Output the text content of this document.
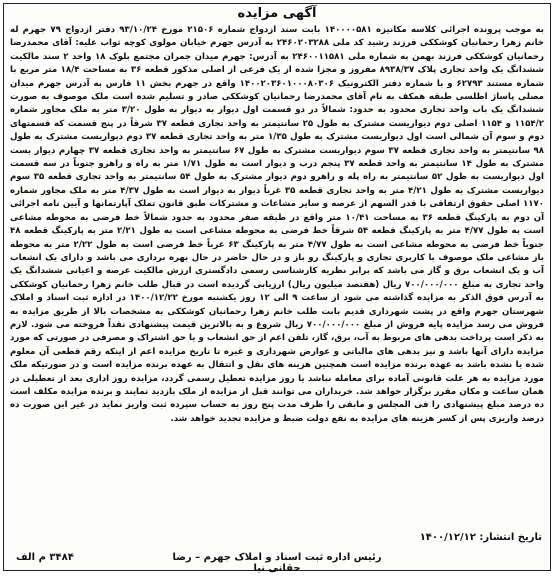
آگهی مزایده
به موجب پرونده اجرائی کلاسه مکانیزه ۱۴۰۰۰۰۵۸۱ بابت سند ازدواج شماره ۲۱۵۰۶ مورخ ۹۳/۱۰/۲۴ دفتر ازدواج ۷۹ جهرم له خانم زهرا رحمانیان کوشککی فرزند رشید کد ملی ۲۴۶۰۲۰۳۲۸۸ به آدرس جهرم خیابان مولوی کوچه ثواب علیه: آقای محمدرضا رحمانیان کوشککی فرزند بهمن به شماره ملی ۲۴۶۰۰۱۱۵۸۱ به آدرس: جهرم میدان جمران مجتمع بلوک ۱۸ واحد ۲ سند مالکیت ششدانگ یک واحد تجاری پلاک ۸۹۳۸/۳۷ مفروز و مجزا شده از یک فرعی از اصلی مذکور قطعه ۳۶ به مساحت ۱۸/۴ متر مربع با شماره مستند ۶۲۷۹۳ و با شماره دفتر الکترونیک ۱۴۰۰۲۰۳۶۰۱۰۰۰۸۰۳۰۶ واقع در جهرم بخش ۱۱ فارس به آدرس جهرم میدان مصلی پاساژ اطلسی طبقه همکف به نام آقای محمدرضا رحمانیان کوشککی صادر و تسلیم شده است ملک موصوف به صورت ششدانگ یک باب واحد تجاری محدود به حدود: شمالاً در دو قسمت اول دیوار به دیوار به طول ۳/۲۰ متر به ملک مجاور شماره ۱۱۵۴/۲ و ۱۱۵۴ اصلی دوم دیواریست مشترک به طول ۲۵ سانتیمتر به واحد تجاری قطعه ۳۷ شرقاً در پنج قسمت که قسمتهای دوم و سوم آن شمالی است اول دیواریست مشترک به طول ۱/۳۵ متر به واحد تجاری قطعه ۳۷ دوم دیواریست مشترک به طول ۹۸ سانتیمتر به واحد تجاری قطعه ۳۷ سوم دیواریست مشترک به طول ۶۷ سانتیمتر به واحد تجاری قطعه ۳۷ چهارم دیوار بست مشترک به طول ۱۴ سانتیمتر به واحد قطعه ۳۷ پنجم درب و دیوار است به طول ۱/۷۱ متر به راه و راهرو جنوباً در سه قسمت اول دیواریست به طول ۵۲ سانتیمتر به راه پله و راهرو دوم دیوار مشترک به طول ۵۴ سانتیمتر به واحد تجاری قطعه ۳۵ سوم دیواریست مشترک به طول ۴/۲۱ متر به واحد تجاری قطعه ۳۵ غرباً دیوار به دیوار است به طول ۴/۳۷ متر به ملک مجاور شماره ۱۱۷۰ اصلی حقوق ارتفاقی با قدر السهم از عرصه و سایر مشاعات و مشترکات طبق قانون تملک آپارتمانها و آیین نامه اجرائی آن دوم به پارکینگ قطعه ۳۶ به مساحت ۱۰/۴۱ متر واقع در طبقه صفر محدود به حدود شمالاً خط فرضی به محوطه مشاعی است به طول ۴/۷۷ متر به پارکینگ قطعه ۵۴ شرقاً خط فرضی به محوطه مشاعی است به طول ۲/۲۱ متر به پارکینگ قطعه ۴۸ جنوباً خط فرضی به محوطه مشاعی است به طول ۴/۷۷ متر به پارکینگ ۶۳ غرباً خط فرضی است به طول ۲/۲۲ متر به محوطه باز مشاعی ملک موصوف با کاربری تجاری و پارکینگ رو باز و در حال حاضر در حال بهره برداری می باشد و دارای یک انشعاب آب و یک انشعاب برق و گاز می باشد که برابر نظریه کارشناسی رسمی دادگستری ارزش مالکیت عرصه و اعیانی ششدانگ یک واحد تجاری به مبلغ ۷۰۰/۰۰۰/۰۰۰ ریال (هفتصد میلیون ریال) ارزیابی گردیده است در قبال طلب خانم زهرا رحمانیان کوشککی به آدرس فوق الذکر به مزایده گذاشته می شود از ساعت ۹ الی ۱۲ روز یکشنبه مورخ ۱۴۰۰/۱۲/۲۲ در اداره ثبت اسناد و املاک شهرستان جهرم واقع در پشت شهرداری قدیم بابت طلب خانم زهرا رحمانیان کوشککی به مشخصات بالا از طریق مزایده به فروش می رسد مزایده پایه فروش از مبلغ ۷۰۰/۰۰۰/۰۰۰ ریال شروع و به بالاترین قیمت پیشنهادی نقداً فروخته می شود. لازم به ذکر است پرداخت بدهی های مربوط به آب، برق، گاز، تلفن اعم از حق انشعاب و یا حق اشتراک و مصرفی در صورتی که مورد مزایده دارای آنها باشد و نیز بدهی های مالیاتی و عوارض شهرداری و غیره تا تاریخ مزایده اعم از اینکه رقم قطعی آن معلوم شده یا نشده باشد به عهده برنده مزایده است همچنین هزینه های نقل و انتقال به عهده برنده مزایده است و در صورتیکه ملک مورد مزایده به هر علت قانونی آماده برای معامله نباشد یا روز مزایده تعطیل رسمی گردد، مزایده روز اداری بعد از تعطیلی در همان ساعت و مکان مقرر برگزار خواهد شد. خریداران می توانند قبل از مزایده از ملک بازدید نمایند و برنده مزایده مکلف است ده درصد مبلغ پیشنهادی را فی المجلس و مابقی را ظرف مدت پنج روز به حساب سپرده ثبت واریز نماید در غیر این صورت ده درصد واریزی پس از کسر هزینه های مزایده به نفع دولت ضبط و مزایده تجدید خواهد شد.
تاریخ انتشار: ۱۴۰۰/۱۲/۱۲
رئیس اداره ثبت اسناد و املاک جهرم – رضا حقانی نیا
۳۴۸۴ م الف
